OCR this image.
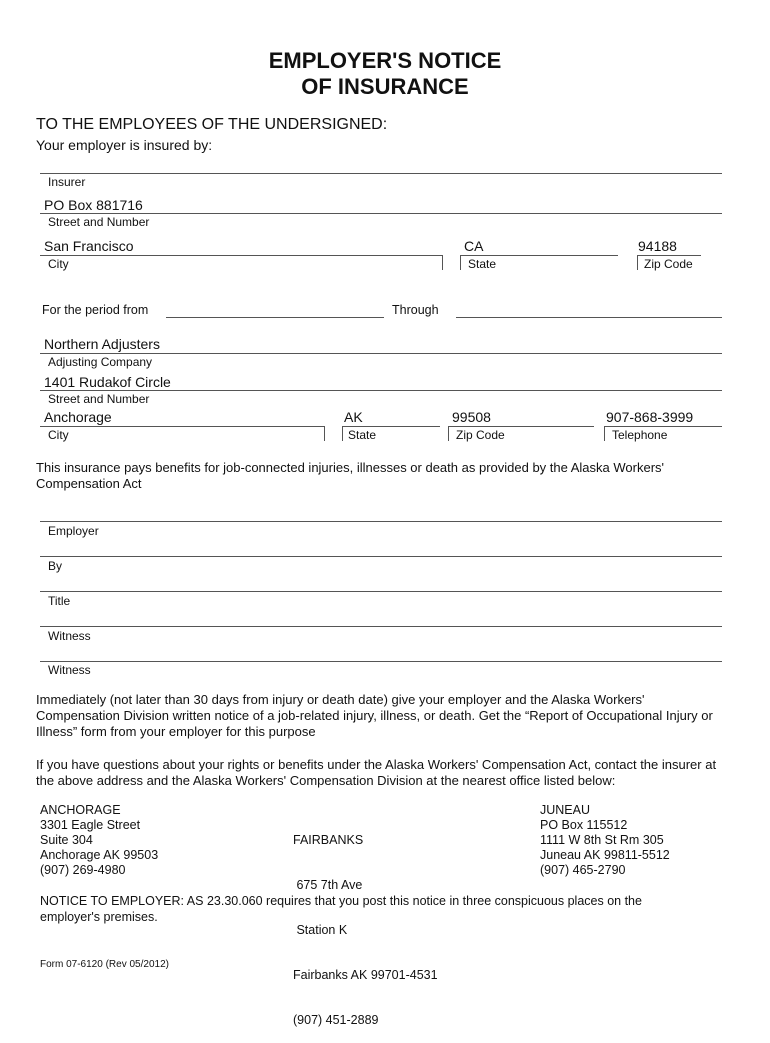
EMPLOYER'S NOTICE
OF INSURANCE
TO THE EMPLOYEES OF THE UNDERSIGNED:
Your employer is insured by:
Insurer
PO Box 881716
Street and Number
San Francisco	CA	94188
City	State	Zip Code
For the period from	Through
Northern Adjusters
Adjusting Company
1401 Rudakof Circle
Street and Number
Anchorage	AK	99508	907-868-3999
City	State	Zip Code	Telephone
This insurance pays benefits for job-connected injuries, illnesses or death as provided by the Alaska Workers' Compensation Act
Employer
By
Title
Witness
Witness
Immediately (not later than 30 days from injury or death date) give your employer and the Alaska Workers' Compensation Division written notice of a job-related injury, illness, or death. Get the “Report of Occupational Injury or Illness” form from your employer for this purpose
If you have questions about your rights or benefits under the Alaska Workers' Compensation Act, contact the insurer at the above address and the Alaska Workers' Compensation Division at the nearest office listed below:
ANCHORAGE
3301 Eagle Street
Suite 304
Anchorage AK 99503
(907) 269-4980

FAIRBANKS

675 7th Ave

Station K

Fairbanks AK 99701-4531

(907) 451-2889

JUNEAU
PO Box 115512
1111 W 8th St Rm 305
Juneau AK 99811-5512
(907) 465-2790
NOTICE TO EMPLOYER: AS 23.30.060 requires that you post this notice in three conspicuous places on the employer's premises.
Form 07-6120 (Rev 05/2012)
